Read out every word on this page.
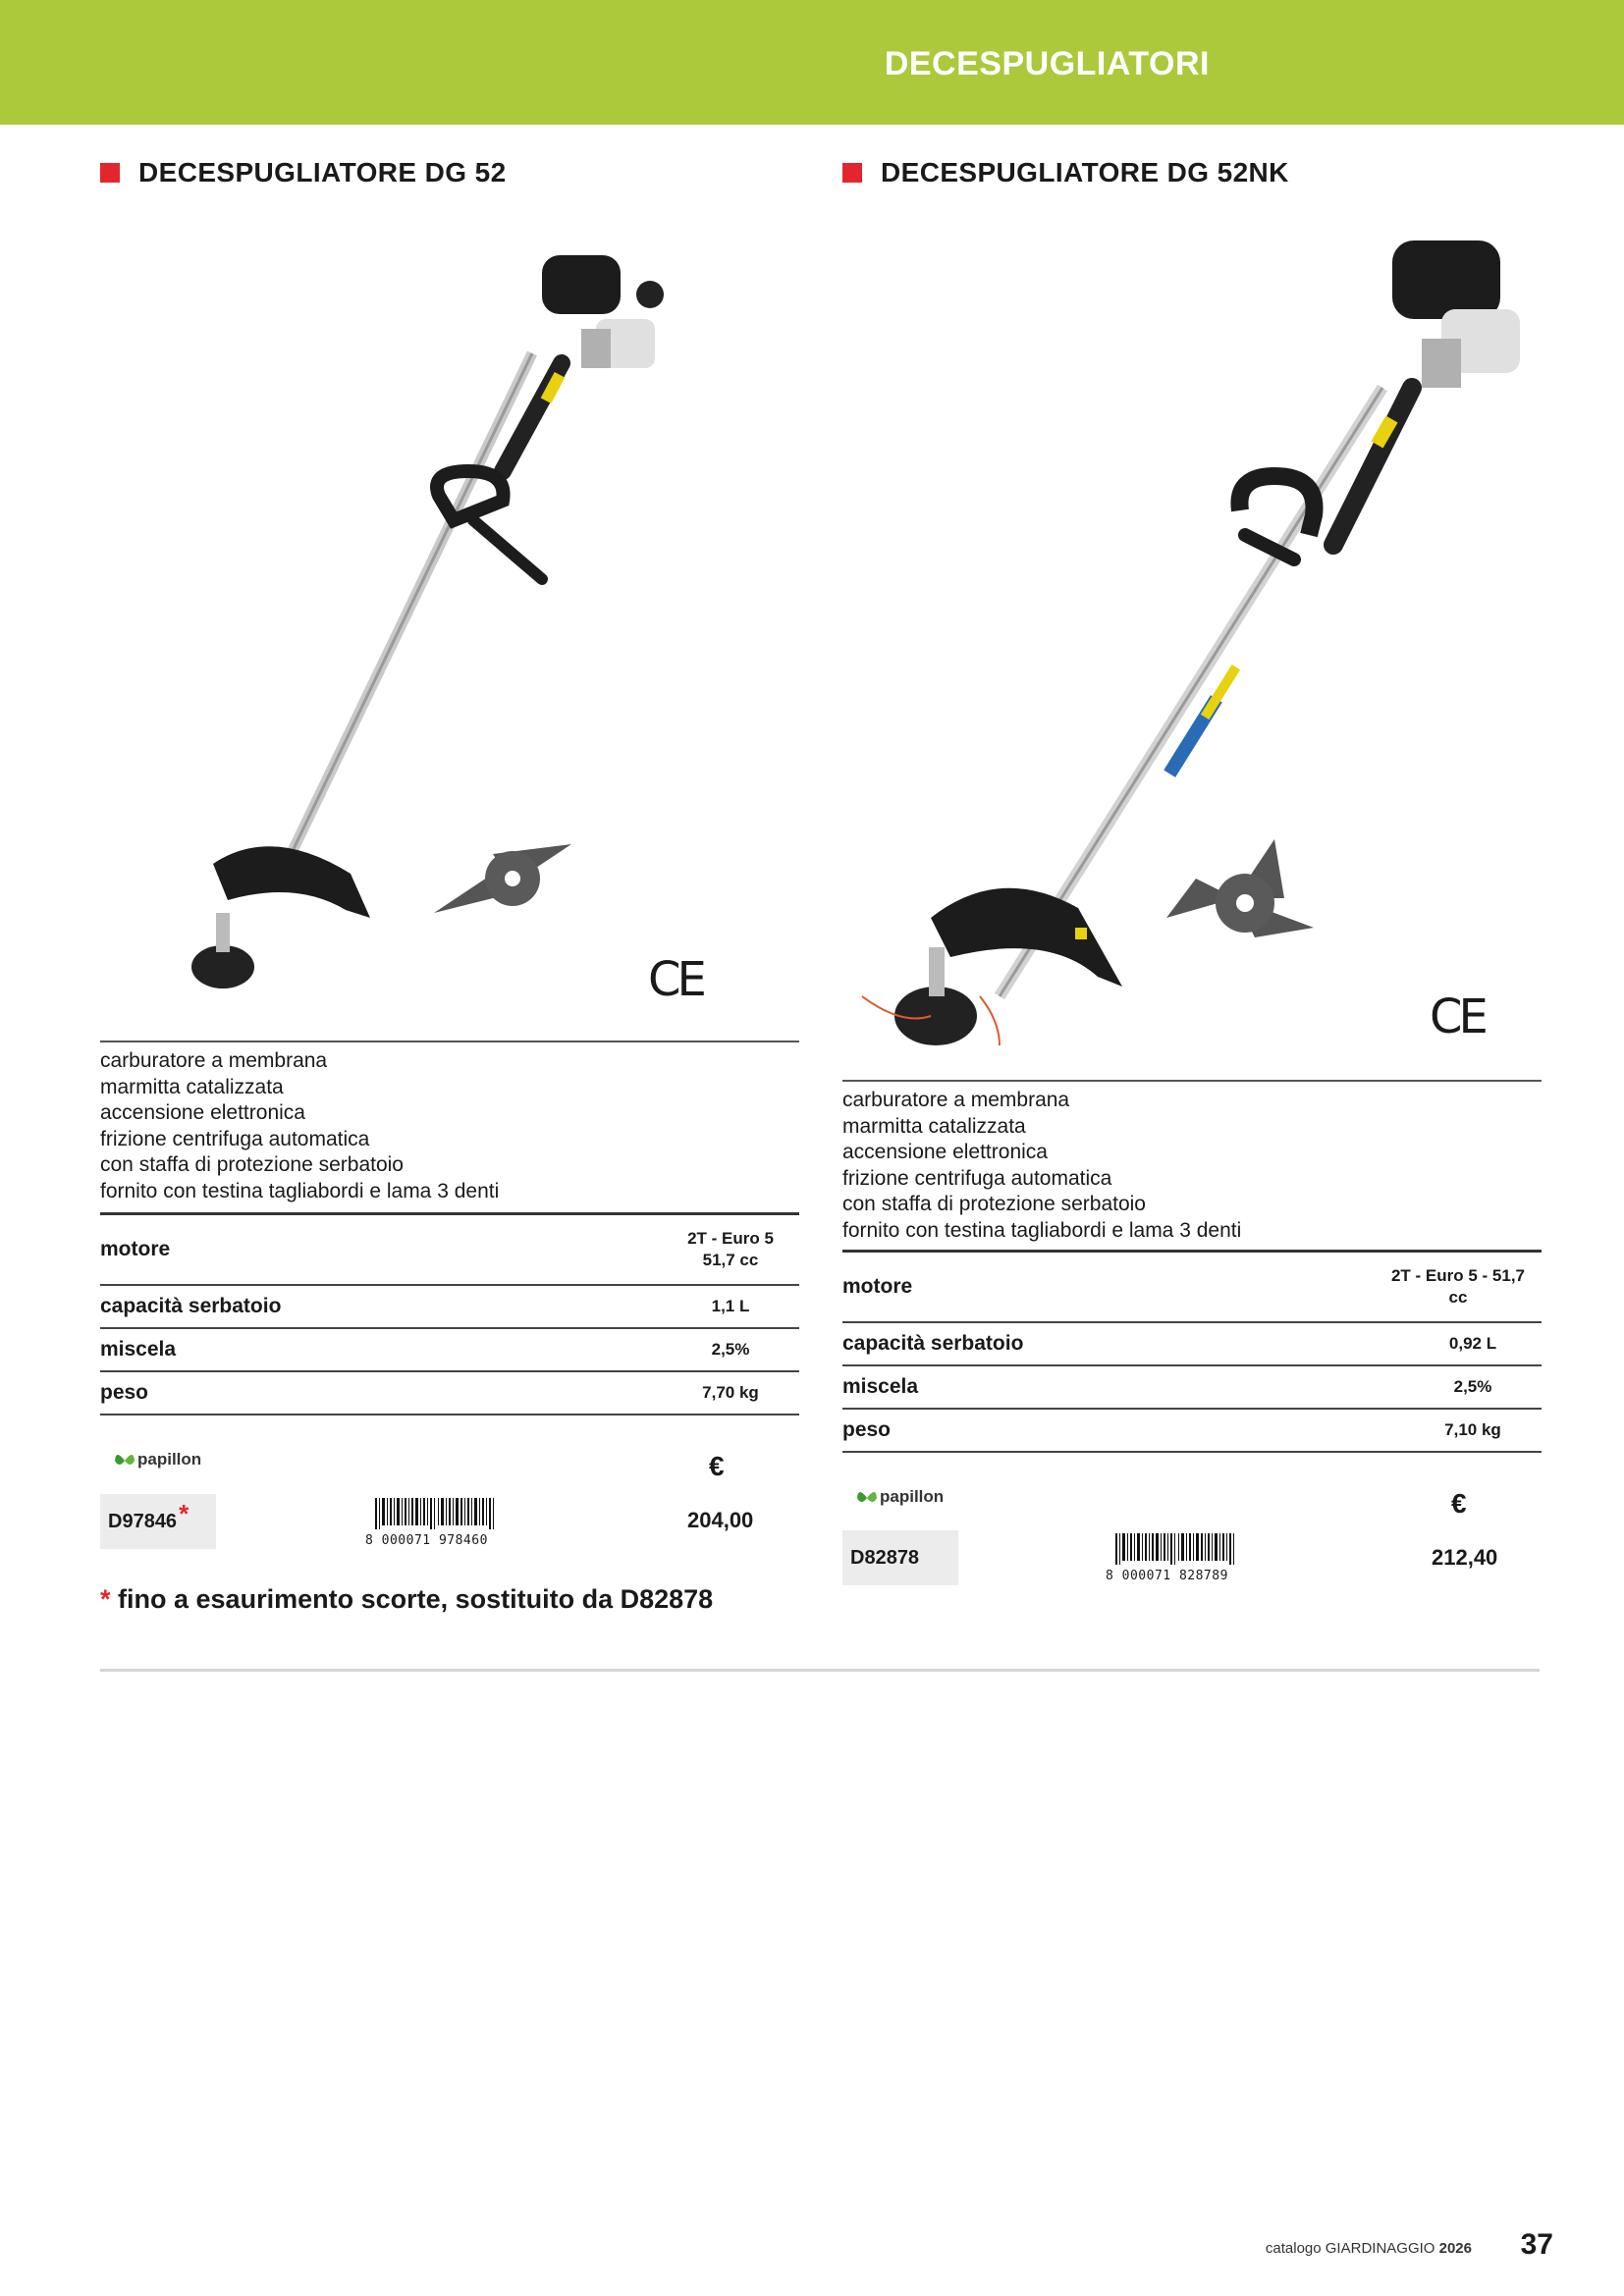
DECESPUGLIATORI
DECESPUGLIATORE DG 52
CE
carburatore a membrana
marmitta catalizzata
accensione elettronica
frizione centrifuga automatica
con staffa di protezione serbatoio
fornito con testina tagliabordi e lama 3 denti
motore	2T - Euro 5
51,7 cc
capacità serbatoio	1,1 L
miscela	2,5%
peso	7,70 kg
papillon	€
D97846 *
8 000071 978460
204,00
DECESPUGLIATORE DG 52NK
CE
carburatore a membrana
marmitta catalizzata
accensione elettronica
frizione centrifuga automatica
con staffa di protezione serbatoio
fornito con testina tagliabordi e lama 3 denti
motore	2T - Euro 5 - 51,7
cc
capacità serbatoio	0,92 L
miscela	2,5%
peso	7,10 kg
papillon	€
D82878
8 000071 828789
212,40
* fino a esaurimento scorte, sostituito da D82878
catalogo GIARDINAGGIO 2026 37
